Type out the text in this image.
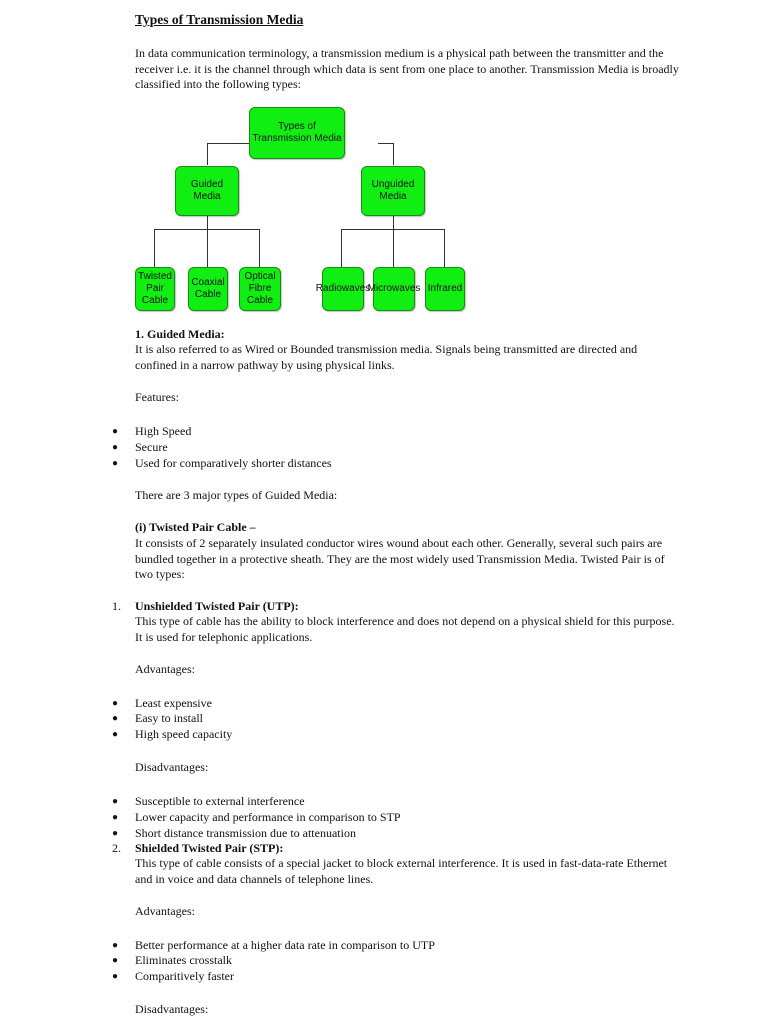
Types of Transmission Media

In data communication terminology, a transmission medium is a physical path between the transmitter and the receiver i.e. it is the channel through which data is sent from one place to another. Transmission Media is broadly classified into the following types:

Types of Transmission Media
Guided Media
Unguided Media
Twisted Pair Cable
Coaxial Cable
Optical Fibre Cable
Radiowaves
Microwaves Infrared
1. Guided Media:

It is also referred to as Wired or Bounded transmission media. Signals being transmitted are directed and confined in a narrow pathway by using physical links.

Features:
● High Speed
● Secure
● Used for comparatively shorter distances
There are 3 major types of Guided Media:
(i) Twisted Pair Cable –

It consists of 2 separately insulated conductor wires wound about each other. Generally, several such pairs are bundled together in a protective sheath. They are the most widely used Transmission Media. Twisted Pair is of two types:

1. Unshielded Twisted Pair (UTP):

This type of cable has the ability to block interference and does not depend on a physical shield for this purpose. It is used for telephonic applications.

Advantages:
● Least expensive
● Easy to install
● High speed capacity
Disadvantages:
● Susceptible to external interference
● Lower capacity and performance in comparison to STP
● Short distance transmission due to attenuation
2. Shielded Twisted Pair (STP):

This type of cable consists of a special jacket to block external interference. It is used in fast-data-rate Ethernet and in voice and data channels of telephone lines.

Advantages:
● Better performance at a higher data rate in comparison to UTP
● Eliminates crosstalk
● Comparitively faster
Disadvantages:
